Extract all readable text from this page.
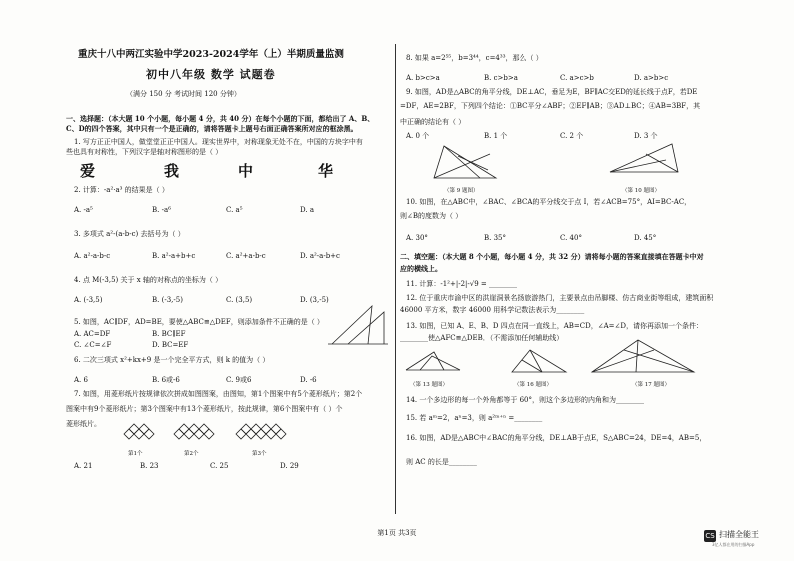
重庆十八中两江实验中学2023-2024学年（上）半期质量监测
初中八年级 数学 试题卷
（满分 150 分 考试时间 120 分钟）
一、选择题：（本大题 10 个小题，每小题 4 分，共 40 分）在每个小题的下面，都给出了 A、B、
C、D的四个答案，其中只有一个是正确的，请将答题卡上题号右面正确答案所对应的框涂黑。
1. 写方正正中国人，做堂堂正正中国人。现实世界中，对称现象无处不在，中国的方块字中有
些也具有对称性，下列汉字是轴对称图形的是（ ）
爱	我	中	华
2. 计算：-a²·a³ 的结果是（ ）
A. -a⁵	B. -a⁶	C. a⁵	D. a
3. 多项式 a²-(a-b-c) 去括号为（ ）
A. a²-a-b-c	B. a²-a+b+c	C. a²+a-b-c	D. a²-a-b+c
4. 点 M(-3,5) 关于 x 轴的对称点的坐标为（ ）
A. (-3,5)	B. (-3,-5)	C. (3,5)	D. (3,-5)
5. 如图，AC∥DF，AD=BE，要使△ABC≌△DEF，则添加条件不正确的是（ ）
A. AC=DF	B. BC∥EF
C. ∠C=∠F	D. BC=EF
6. 二次三项式 x²+kx+9 是一个完全平方式，则 k 的值为（ ）
A. 6	B. 6或-6	C. 9或6	D. -6
7. 如图，用菱形纸片按规律依次拼成如图图案，由图知，第1个图案中有5个菱形纸片；第2个
图案中有9个菱形纸片；第3个图案中有13个菱形纸片，按此规律，第6个图案中有（ ）个
菱形纸片。
第1个	第2个	第3个
A. 21	B. 23	C. 25	D. 29
8. 如果 a=2⁵⁵，b=3⁴⁴，c=4³³，那么（ ）
A. b>c>a	B. c>b>a	C. a>c>b	D. a>b>c
9. 如图，AD是△ABC的角平分线，DE⊥AC，垂足为E，BF∥AC交ED的延长线于点F，若DE
=DF，AE=2BF，下列四个结论：①BC平分∠ABF；②EF∥AB；③AD⊥BC；④AB=3BF，其
中正确的结论有（ ）
A. 0 个	B. 1 个	C. 2 个	D. 3 个
（第 9 题图）	（第 10 题图）
10. 如图，在△ABC中，∠BAC、∠BCA的平分线交于点 I，若∠ACB=75°，AI=BC-AC，
则∠B的度数为（ ）
A. 30°	B. 35°	C. 40°	D. 45°
二、填空题：（本大题 8 个小题，每小题 4 分，共 32 分）请将每小题的答案直接填在答题卡中对
应的横线上。
11. 计算：-1²+|-2|-√9 = ________
12. 位于重庆市渝中区的洪崖洞景名扬旅游热门，主要景点由吊脚楼、仿古商业街等组成，建筑面积
46000 平方米，数字 46000 用科学记数法表示为________
13. 如图，已知 A、E、B、D 四点在同一直线上，AB=CD，∠A=∠D，请你再添加一个条件：
________使△AFC≌△DEB．（不需添加任何辅助线）
（第 13 题图）	（第 16 题图）	（第 17 题图）
14. 一个多边形的每一个外角都等于 60°，则这个多边形的内角和为________
15. 若 aᵐ=2，aⁿ=3，则 a²ᵐ⁺ⁿ =________
16. 如图，AD是△ABC中∠BAC的角平分线，DE⊥AB于点E，S△ABC=24，DE=4，AB=5，
则 AC 的长是________
第1页 共3页	CS 扫描全能王
3亿人都在用的扫描App
